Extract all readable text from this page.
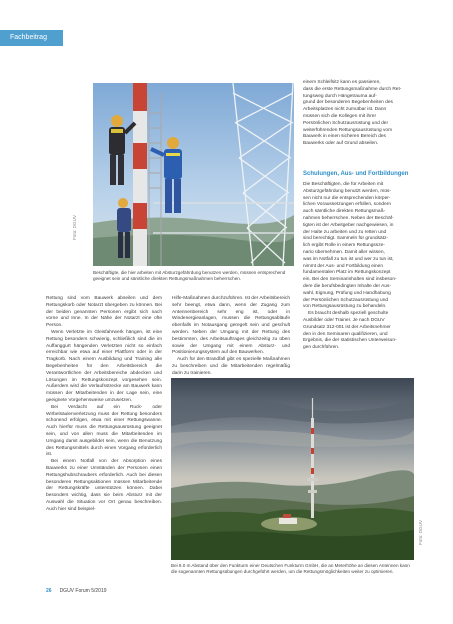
Fachbeitrag
Foto: DGUV
Beschäftigte, die hier arbeiten mit Absturzgefährdung benutzen werden, müssen entsprechend geeignet sein und sämtliche direkten Rettungsmaßnahmen beherrschen.
einem Schleifsitz kann es passieren,
dass die erste Rettungsmaßnahme durch Ret-
tungsweg durch Hängetrauma auf-
grund der besonderen Begebenheiten des
Arbeitsplatzes nicht zumutbar ist. Dann
müssen sich die Kollegen mit ihrer
Persönlichen Schutzausrüstung und der
weiterführenden Rettungsausrüstung vom
Bauwerk in einen sicheren Bereich des
Bauwerks oder auf Grund abseilen.
Schulungen, Aus- und Fortbildungen
Die Beschäftigten, die für Arbeiten mit
Absturzgefährdung benutzt werden, müs-
sen nicht nur die entsprechenden körper-
lichen Voraussetzungen erfüllen, sondern
auch sämtliche direkten Rettungsmaß-
nahmen beherrschen. Neben der Beschäf-
tigten ist der Arbeitgeber nachgewiesen, in
der Halte zu arbeiten und zu retten und
sind berechtigt. Sammeln für grundsätz-
lich ergibt Rolle in einem Rettungssze-
nario übernehmen. Damit aller wissen,
was im Notfall zu tun ist und wer zu tun ist,
nimmt der Aus- und Fortbildung einen
fundamentalen Platz im Rettungskonzept
ein. Bei den Seminarinhalten sind insbeson-
dere die berufsbedingten Inhalte der Aus-
wahl, Eignung, Prüfung und Handhabung
der Persönlichen Schutzausrüstung und
von Rettungsausrüstung zu behandeln.
Es braucht deshalb speziell geschulte
Ausbilder oder Trainer. Je nach DGUV
Grundsatz 312-001 ist der Arbeitsnehmer
den in den Seminaren qualifizieren, und
Ergebnis, die der statistischen Unterweisun-
gen durchführen.

Rettung sind vom Bauwerk abseilen und dem Rettungskorb oder Notarzt übergeben zu können. Bei der beiden genannten Personen ergibt sich nach vorne und Inne. In der Nähe der Notarzt eine ofte Person.

Wenn Verletzte im Gleisfahrwerk hängen, ist eine Rettung besonders schwierig, schließlich sind die im Auffanggurt hängenden Verletzten nicht so einfach erreichbar wie etwa auf einer Plattform oder in der Tragkorb. Nach einem Ausbildung und Training alle Begebenheiten für den Arbeitsbereich die Verantwortlichen der Arbeitsbereiche abdecken und Lösungen im Rettungskonzept vorgesehen sein. Außerdem wird die Verlaufsstrecke am Bauwerk kann müssen der Mitarbeitenden in der Lage sein, eine geeignete Vorgehensweise umzusetzen.

Bei Verdacht auf ein Ruck- oder Wirbelsäulenverletzung muss der Rettung besonders schonend erfolgen, etwa mit einer Rettungswanne. Auch hierfür muss die Rettungsausrüstung geeignet sein, und von allen muss die Mitarbeitenden im Umgang damit ausgebildet sein, wenn die Benutzung des Rettungsmittels durch einen Vorgang erforderlich ist.

Bei einem Notfall von der Absorption eines Bauwerks zu einer Umständen der Personen einen Rettungshubschraubers erforderlich. Auch bei diesen besonderen Rettungsaktionen müssen Mitarbeitende der Rettungskräfte unterstützen können. Dabei besonders wichtig, dass sie beim Absturz mit der Auswahl die Situation vor Ort genau beschreiben. Auch hier sind beispiel-

Hilfe-Maßnahmen durchzuführen. Ist der Arbeitsbereich sehr beengt, etwa dann, wenn der Zugang zum Antennenbereich sehr eng ist, oder in Windenergieanlagen, mussen die Rettungsabläufe ebenfalls im Notausgang geregelt sein und geschult werden. Neben der Umgang mit der Rettung des bestimmten, des Arbeitsauftrages gleichzeitig zu üben sowie der Umgang mit einem Absturz- und Positionierungssystem auf den Bauwerken.

Auch für den Brandfall gibt es spezielle Maßnahmen zu beschreiben und die Mitarbeitenden regelmäßig darin zu trainieren.

Foto: DGUV
Bei 8.0 m Abstand über den Funkturm einer Deutschen Funkturm GmbH, die an Meterhöhe an diesen Antennen kann die sogenannten Rettungsübungen durchgeführt werden, um die Rettungsmöglichkeiten weiter zu optimieren.
26 DGUV Forum 5/2019
